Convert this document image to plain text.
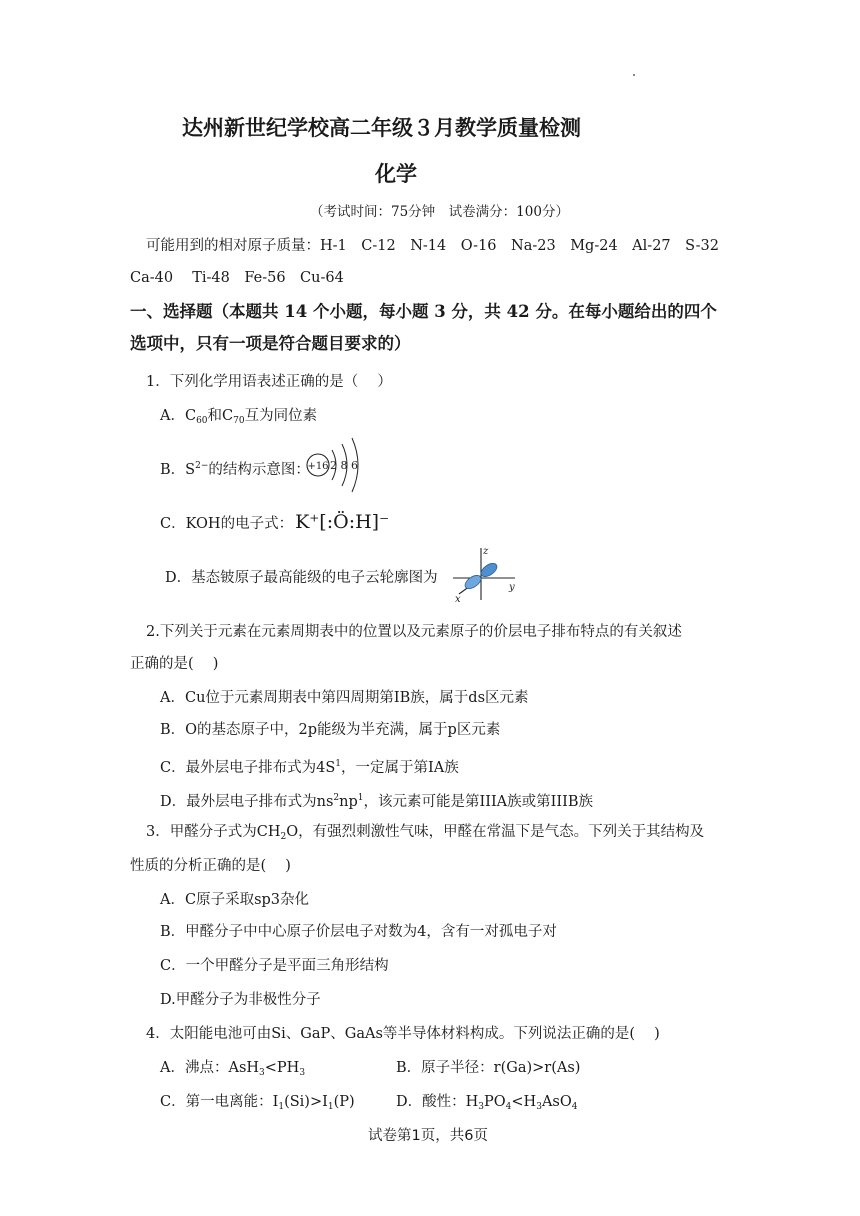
达州新世纪学校高二年级３月教学质量检测
化学
（考试时间：75分钟　试卷满分：100分）
可能用到的相对原子质量：H-1　C-12　N-14　O-16　Na-23　Mg-24　Al-27　S-32
Ca-40　 Ti-48　Fe-56　Cu-64
一、选择题（本题共 14 个小题，每小题 3 分，共 42 分。在每小题给出的四个
选项中，只有一项是符合题目要求的）
1．下列化学用语表述正确的是（　 ）
A．$C_{60}$和$C_{70}$互为同位素
B．$S^{2-}$的结构示意图：
+16 2 8 6
C．KOH的电子式： K⁺[:Ö:H]⁻
D．基态铍原子最高能级的电子云轮廓图为
z
y
x
2.下列关于元素在元素周期表中的位置以及元素原子的价层电子排布特点的有关叙述
正确的是(　 )
A．Cu位于元素周期表中第四周期第IB族，属于ds区元素
B．O的基态原子中，2p能级为半充满，属于p区元素
C．最外层电子排布式为$4S^1$，一定属于第IA族
D．最外层电子排布式为$ns^2np^1$，该元素可能是第IIIA族或第IIIB族
3．甲醛分子式为$CH_2O$，有强烈刺激性气味，甲醛在常温下是气态。下列关于其结构及
性质的分析正确的是(　 )
A．C原子采取sp3杂化
B．甲醛分子中中心原子价层电子对数为4，含有一对孤电子对
C．一个甲醛分子是平面三角形结构
D.甲醛分子为非极性分子
4．太阳能电池可由Si、GaP、GaAs等半导体材料构成。下列说法正确的是(　 )
A．沸点：$AsH_3<PH_3$	B．原子半径：r(Ga)>r(As)
C．第一电离能：$I_1(Si)>I_1(P)$	D．酸性：$H_3PO_4<H_3AsO_4$
试卷第1页，共6页
